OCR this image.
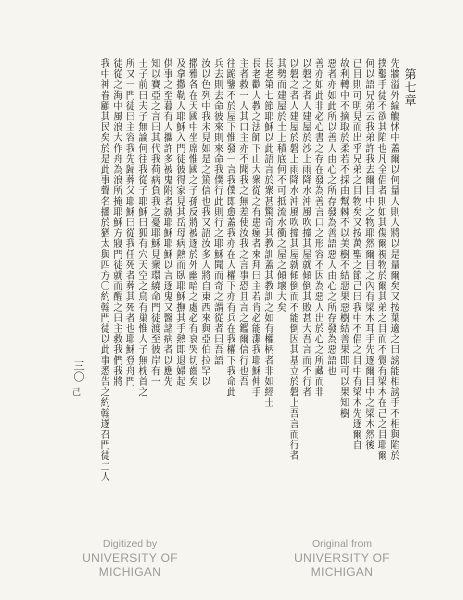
第七章
先牆溢外綸觴怵中蓋爾以何量人則人將以是量爾矣又按葉適之曰謗能相謗手不相與陷於
撲鑿手徒不欲其陷也凡全倡者則如其傷爾視物於爾其弟之目而不覺有梁木在己之目耶爾
何以語兄弟云我弟許我去爾目中之物耶然爾目之內有梁木耳手先逐爾目中之梁木然後
已目則可明見而出乎兄弟之目物矣又按萬聖之節己曰我中不倡之目中有梁木先逐爾自
故利轉中不摘取於柔若不採由幫棘不以美樹不結惡果惡樹結善果即可以果知樹
惡者亦如此所以善人由心之所存發為善語惡人由心之所存發為惡語也
善亦如此非必心書之存在發為善言口之形容不因為惡人出於心之所藏而非
以磐之者人建屋於沙上雨降水沖風吹撞其屋就傾倒其敗甚大吾言而不行者
以磐之者人建屋於磐上雨降水沖風吹撞其屋就傾倒而不能倒因其基立於磐上吾言而行者
其勢而建屋於土上積底何不可抵流水衝之屋之傾壞大矣
長老第七節耶穌以此語言於衆甚驚奇其教訓蓋其教訓之如有權柄者非如經士
長老歡人教之法師下山大衆從之有患瘋者來拜曰主若肯必能潔我耶穌伸手
主者救一人其口主亦不聞我之無差使汝我之言事恐且言之鑑爾信行也吾
往跪鑒不於屋下惟發一言我僕即愈蓋我亦在人權下亦有兵在我權下我命此
兵去則去命彼來則來命我僕行此則行之耶穌聞而奇之謂從者曰吾語
汝以色列中我未見如是之篤信也我又語汝多人將自東西來與亞伯拉罕以
撒雅各在天國中坐席惟國之子孫反將被逐於外幽暗之處必有哀哭切齒矣
及拿撒勒人耶穌入門徒彼得家見其岳母病熱而臥耶穌撫其手熱即退婦起
供事之至暮有人攜許多被鬼附者就耶穌耶穌以言逐鬼又醫諸病者以應先
知以賽亞之言曰其代我荷病負我之憂耶穌見衆環繞命門徒渡至彼岸有一
士子前曰夫子無論何往我從子耶穌曰狐有穴天空之鳥有巢惟人子無枕首之
所又一門徒曰主容我先歸葬父耶穌曰從我任死者葬其死者也耶穌登舟門
徒從之海中風浪大作舟為浪所掩耶穌方寢門徒就而醒之曰主救我們我將
我中神眷顧其民矣於是此事聲名播於猶太與四方〇約翰門徒以此事悉告之約翰遂召門徒二人
三〇
己
Digitized by
UNIVERSITY OF MICHIGAN
Original from
UNIVERSITY OF MICHIGAN
